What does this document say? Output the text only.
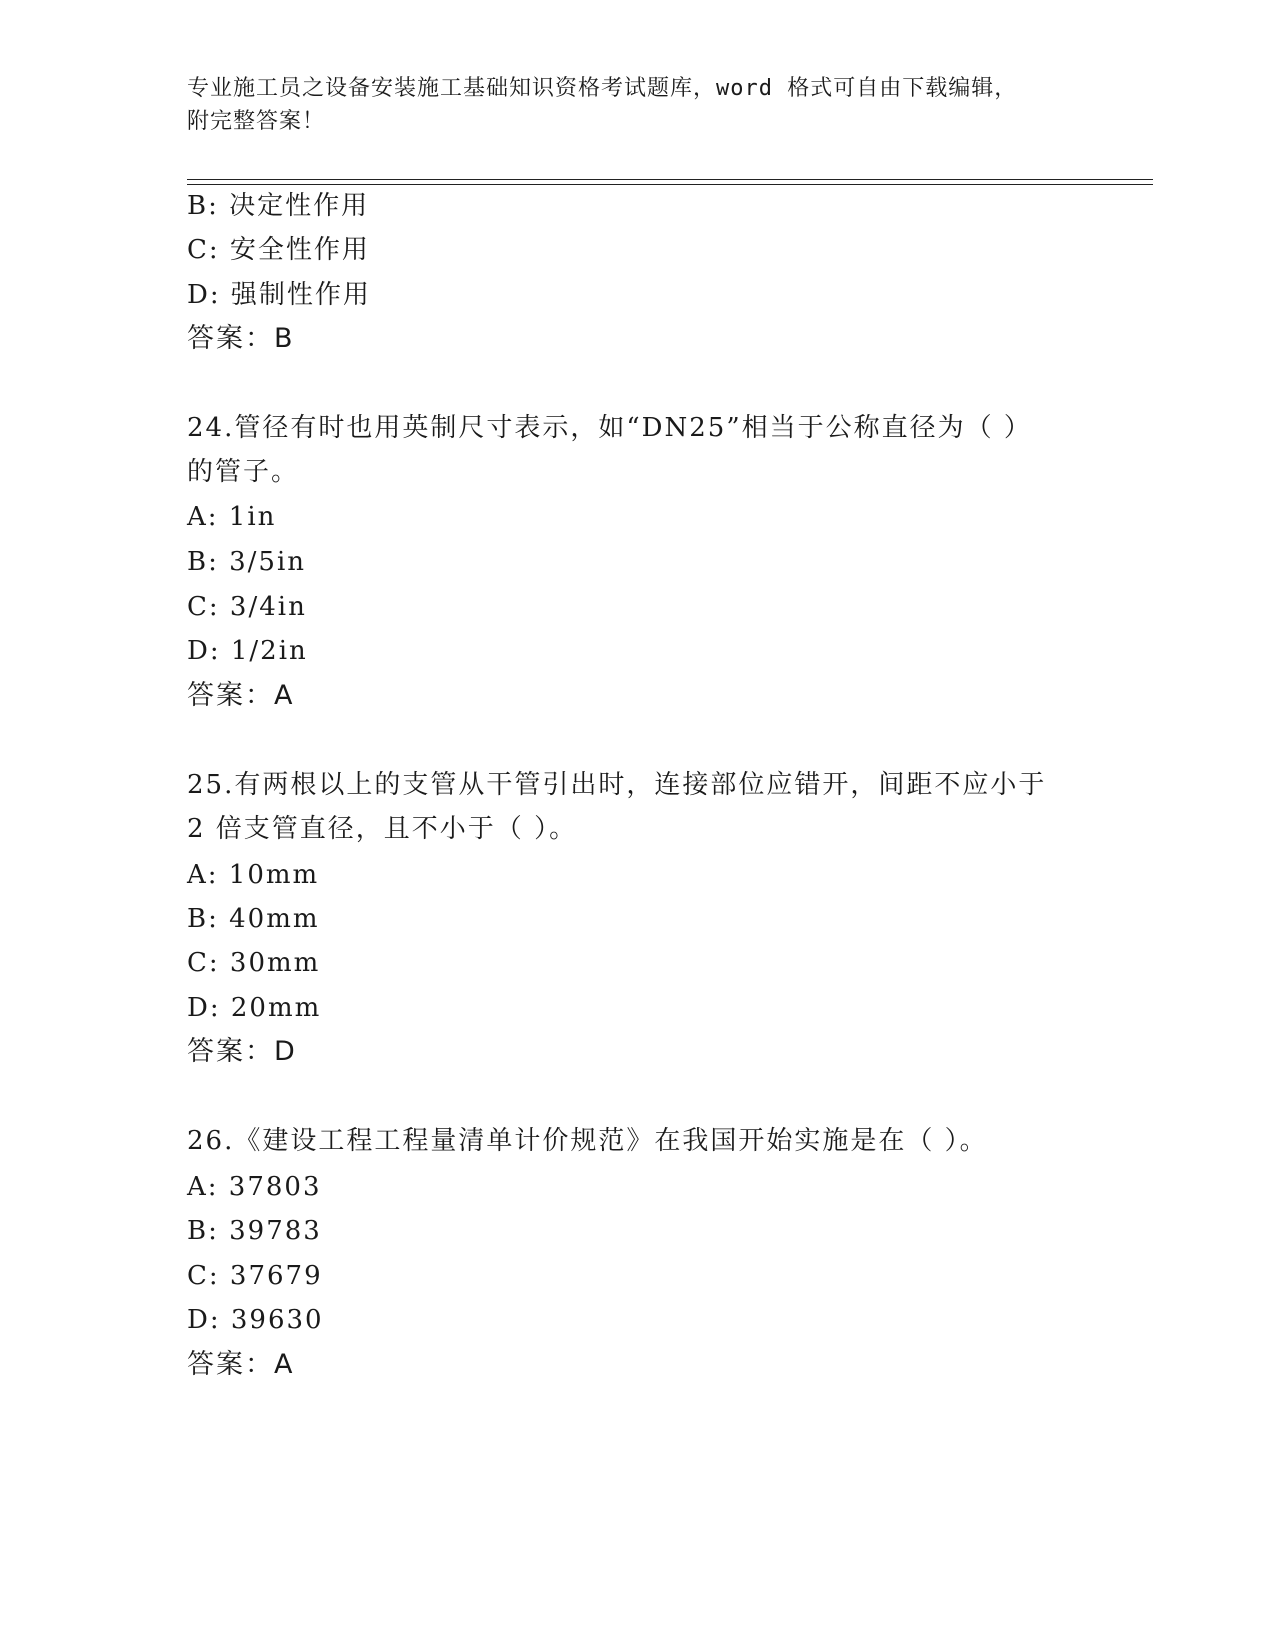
专业施工员之设备安装施工基础知识资格考试题库，word 格式可自由下载编辑，
附完整答案！
B: 决定性作用
C: 安全性作用
D: 强制性作用
答案：B
24.管径有时也用英制尺寸表示，如“DN25”相当于公称直径为（ ）
的管子。
A: 1in
B: 3/5in
C: 3/4in
D: 1/2in
答案：A
25.有两根以上的支管从干管引出时，连接部位应错开，间距不应小于
2 倍支管直径，且不小于（ ）。
A: 10mm
B: 40mm
C: 30mm
D: 20mm
答案：D
26.《建设工程工程量清单计价规范》在我国开始实施是在（ ）。
A: 37803
B: 39783
C: 37679
D: 39630
答案：A
